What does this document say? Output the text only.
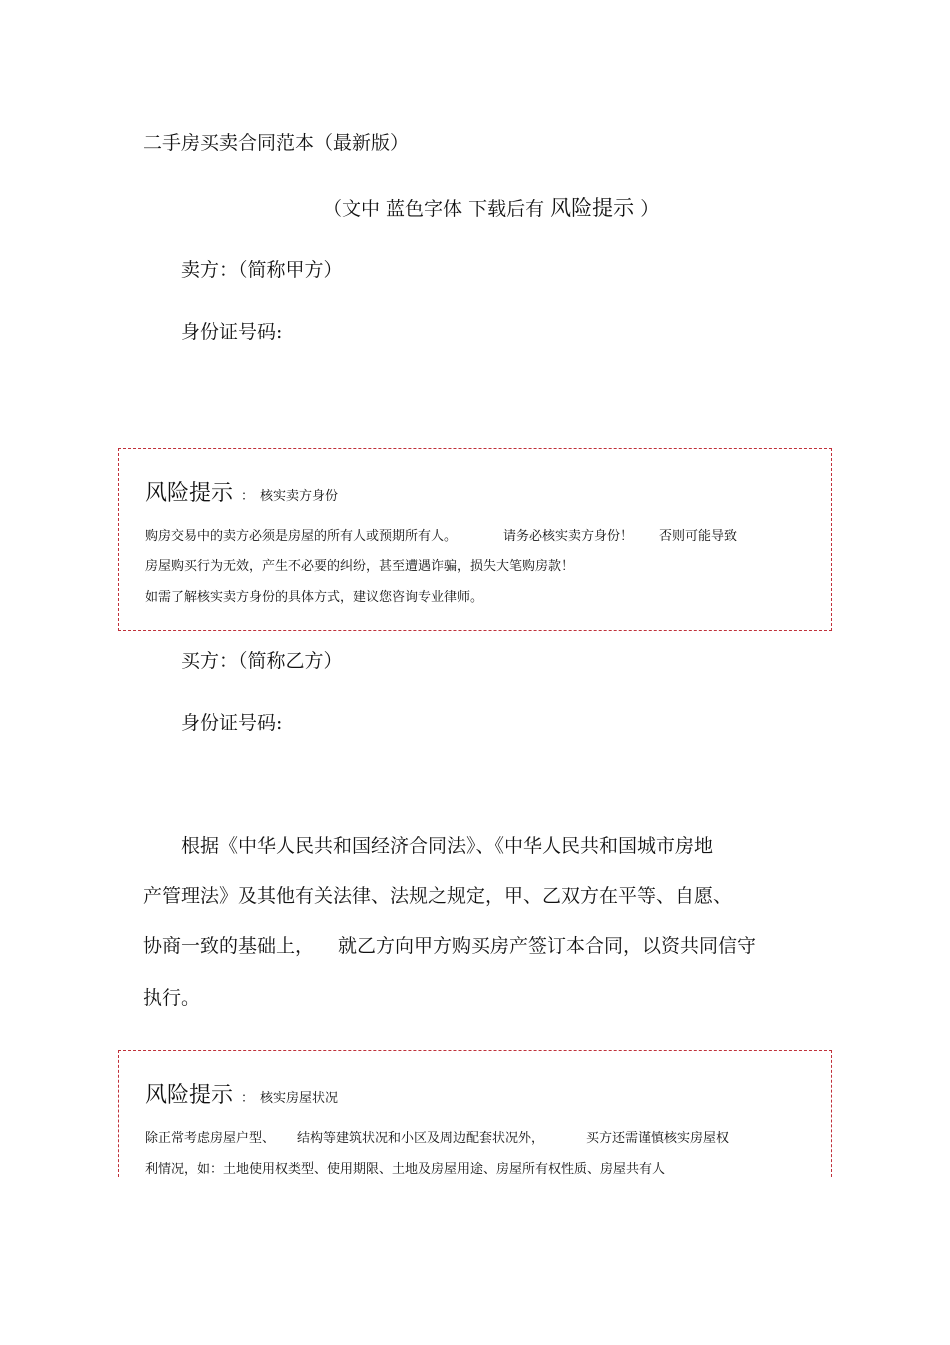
二手房买卖合同范本（最新版）
（文中 蓝色字体 下载后有 风险提示 ）
卖方：（简称甲方）
身份证号码:
风险提示 ： 核实卖方身份
购房交易中的卖方必须是房屋的所有人或预期所有人。	请务必核实卖方身份！ 否则可能导致
房屋购买行为无效，产生不必要的纠纷，甚至遭遇诈骗，损失大笔购房款！
如需了解核实卖方身份的具体方式，建议您咨询专业律师。
买方：（简称乙方）
身份证号码:
根据《中华人民共和国经济合同法》、《中华人民共和国城市房地
产管理法》及其他有关法律、法规之规定，甲、乙双方在平等、自愿、
协商一致的基础上， 就乙方向甲方购买房产签订本合同，以资共同信守
执行。
风险提示 ： 核实房屋状况
除正常考虑房屋户型、 结构等建筑状况和小区及周边配套状况外，	买方还需谨慎核实房屋权
利情况，如：土地使用权类型、使用期限、土地及房屋用途、房屋所有权性质、房屋共有人
